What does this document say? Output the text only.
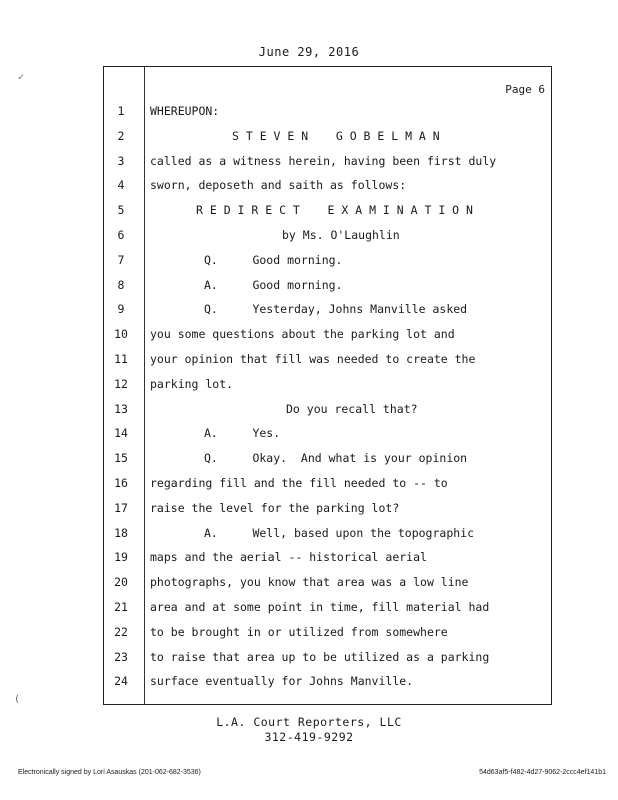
June 29, 2016
Page 6
1	WHEREUPON:
2	S T E V E N    G O B E L M A N
3	called as a witness herein, having been first duly
4	sworn, deposeth and saith as follows:
5	R E D I R E C T    E X A M I N A T I O N
6	by Ms. O'Laughlin
7	Q.     Good morning.
8	A.     Good morning.
9	Q.     Yesterday, Johns Manville asked
10	you some questions about the parking lot and
11	your opinion that fill was needed to create the
12	parking lot.
13	Do you recall that?
14	A.     Yes.
15	Q.     Okay.  And what is your opinion
16	regarding fill and the fill needed to -- to
17	raise the level for the parking lot?
18	A.     Well, based upon the topographic
19	maps and the aerial -- historical aerial
20	photographs, you know that area was a low line
21	area and at some point in time, fill material had
22	to be brought in or utilized from somewhere
23	to raise that area up to be utilized as a parking
24	surface eventually for Johns Manville.
L.A. Court Reporters, LLC
312-419-9292
Electronically signed by Lori Asauskas (201-062-682-3536)	54d63af5-f482-4d27-9062-2ccc4ef141b1
✓
(
